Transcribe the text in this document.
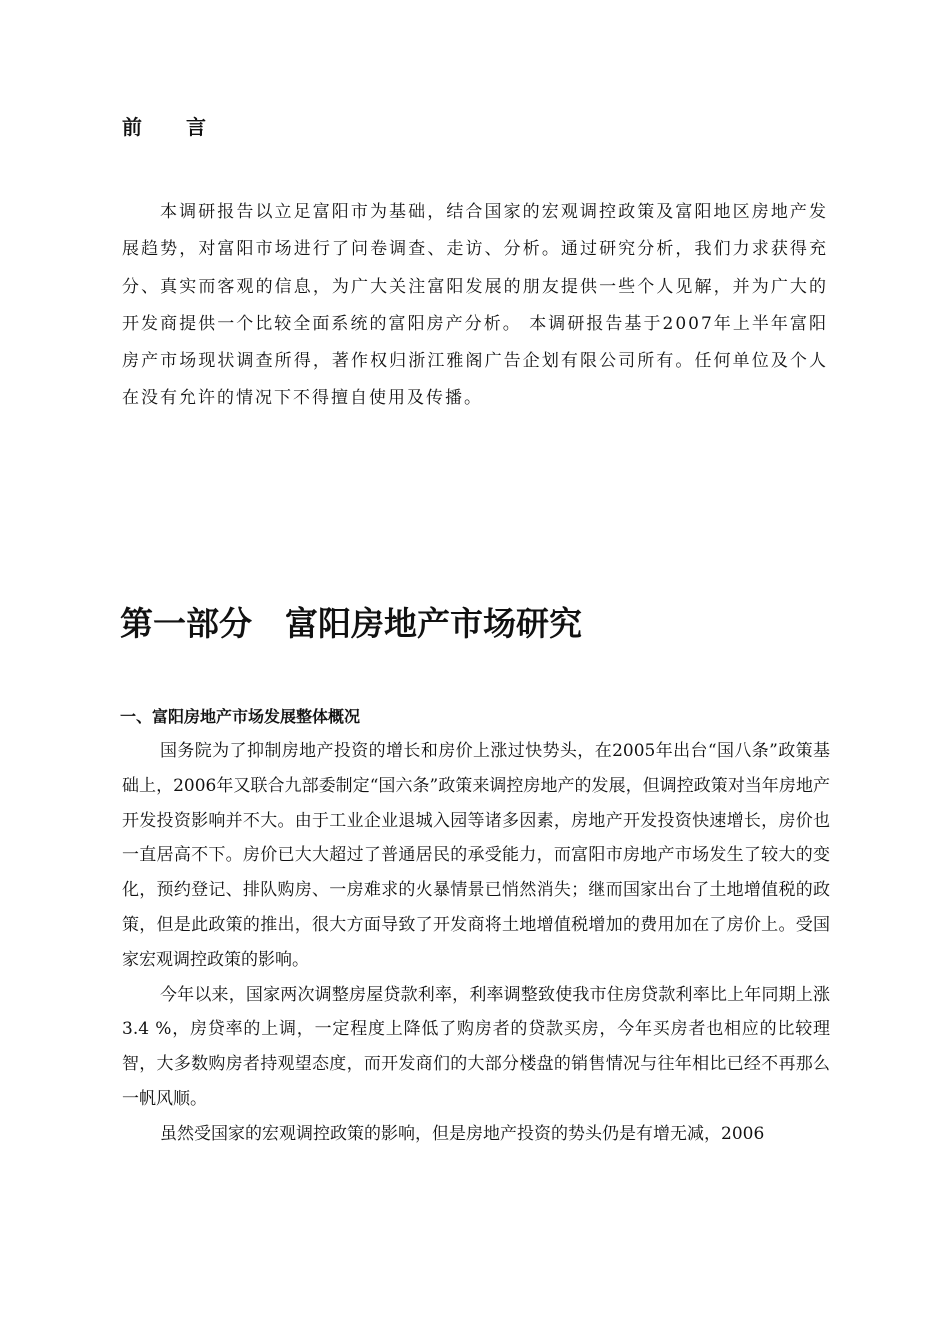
前言
本调研报告以立足富阳市为基础，结合国家的宏观调控政策及富阳地区房地产发展趋势，对富阳市场进行了问卷调查、走访、分析。通过研究分析，我们力求获得充分、真实而客观的信息，为广大关注富阳发展的朋友提供一些个人见解，并为广大的开发商提供一个比较全面系统的富阳房产分析。 本调研报告基于2007年上半年富阳房产市场现状调查所得，著作权归浙江雅阁广告企划有限公司所有。任何单位及个人在没有允许的情况下不得擅自使用及传播。
第一部分　富阳房地产市场研究
一、富阳房地产市场发展整体概况

国务院为了抑制房地产投资的增长和房价上涨过快势头，在2005年出台“国八条”政策基础上，2006年又联合九部委制定“国六条”政策来调控房地产的发展，但调控政策对当年房地产开发投资影响并不大。由于工业企业退城入园等诸多因素，房地产开发投资快速增长，房价也一直居高不下。房价已大大超过了普通居民的承受能力，而富阳市房地产市场发生了较大的变化，预约登记、排队购房、一房难求的火暴情景已悄然消失；继而国家出台了土地增值税的政策，但是此政策的推出，很大方面导致了开发商将土地增值税增加的费用加在了房价上。受国家宏观调控政策的影响。

今年以来，国家两次调整房屋贷款利率，利率调整致使我市住房贷款利率比上年同期上涨3.4 %，房贷率的上调，一定程度上降低了购房者的贷款买房，今年买房者也相应的比较理智，大多数购房者持观望态度，而开发商们的大部分楼盘的销售情况与往年相比已经不再那么一帆风顺。

虽然受国家的宏观调控政策的影响，但是房地产投资的势头仍是有增无减，2006
